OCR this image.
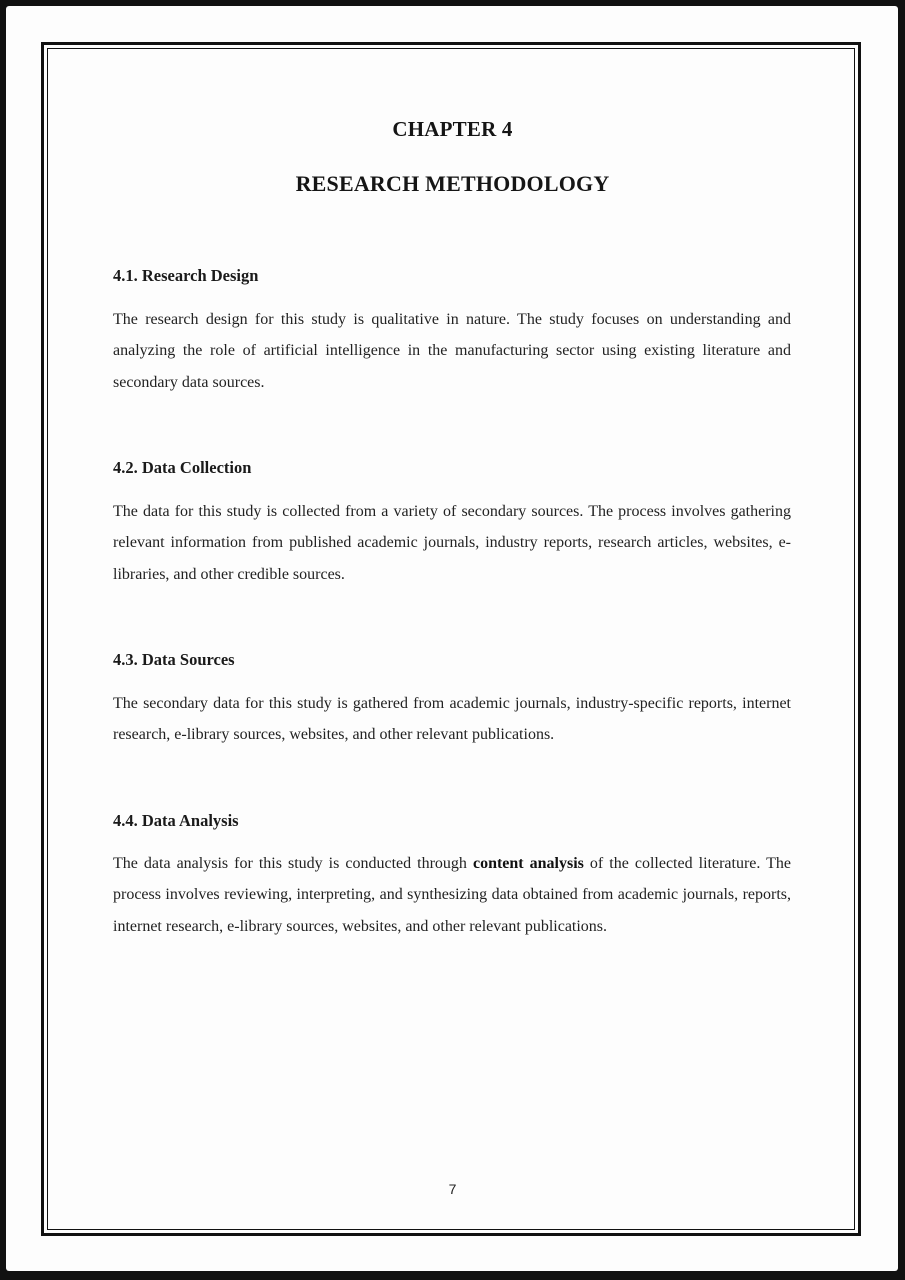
CHAPTER 4
RESEARCH METHODOLOGY
4.1. Research Design
The research design for this study is qualitative in nature. The study focuses on understanding and analyzing the role of artificial intelligence in the manufacturing sector using existing literature and secondary data sources.
4.2. Data Collection
The data for this study is collected from a variety of secondary sources. The process involves gathering relevant information from published academic journals, industry reports, research articles, websites, e-libraries, and other credible sources.
4.3. Data Sources
The secondary data for this study is gathered from academic journals, industry-specific reports, internet research, e-library sources, websites, and other relevant publications.
4.4. Data Analysis
The data analysis for this study is conducted through content analysis of the collected literature. The process involves reviewing, interpreting, and synthesizing data obtained from academic journals, reports, internet research, e-library sources, websites, and other relevant publications.
7
